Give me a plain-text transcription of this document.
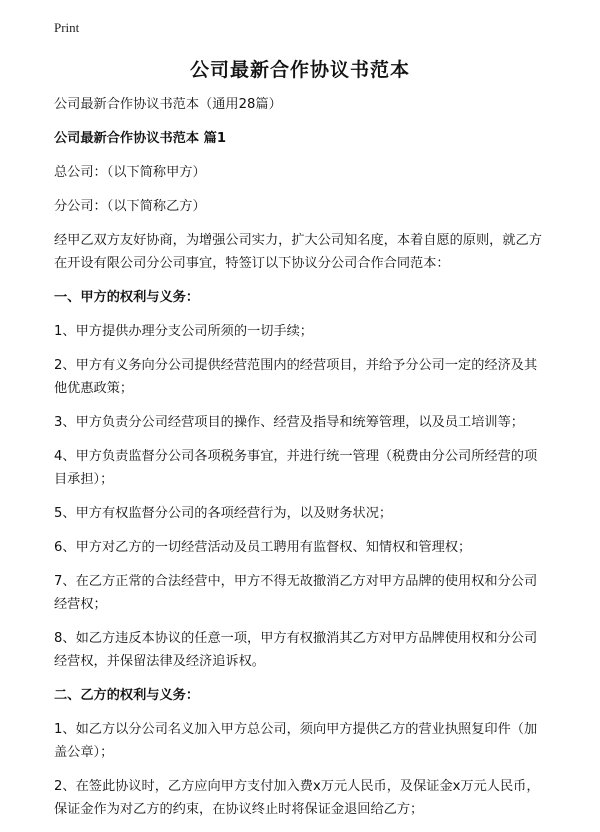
Print
公司最新合作协议书范本

公司最新合作协议书范本（通用28篇）

公司最新合作协议书范本 篇1

总公司：（以下简称甲方）

分公司：（以下简称乙方）

经甲乙双方友好协商，为增强公司实力，扩大公司知名度，本着自愿的原则，就乙方在开设有限公司分公司事宜，特签订以下协议分公司合作合同范本：

一、甲方的权利与义务：

1、甲方提供办理分支公司所须的一切手续；

2、甲方有义务向分公司提供经营范围内的经营项目，并给予分公司一定的经济及其他优惠政策；

3、甲方负责分公司经营项目的操作、经营及指导和统筹管理，以及员工培训等；

4、甲方负责监督分公司各项税务事宜，并进行统一管理（税费由分公司所经营的项目承担）；

5、甲方有权监督分公司的各项经营行为，以及财务状况；

6、甲方对乙方的一切经营活动及员工聘用有监督权、知情权和管理权；

7、在乙方正常的合法经营中，甲方不得无故撤消乙方对甲方品牌的使用权和分公司经营权；

8、如乙方违反本协议的任意一项，甲方有权撤消其乙方对甲方品牌使用权和分公司经营权，并保留法律及经济追诉权。

二、乙方的权利与义务：

1、如乙方以分公司名义加入甲方总公司，须向甲方提供乙方的营业执照复印件（加盖公章）；

2、在签此协议时，乙方应向甲方支付加入费x万元人民币，及保证金x万元人民币，保证金作为对乙方的约束，在协议终止时将保证金退回给乙方；
